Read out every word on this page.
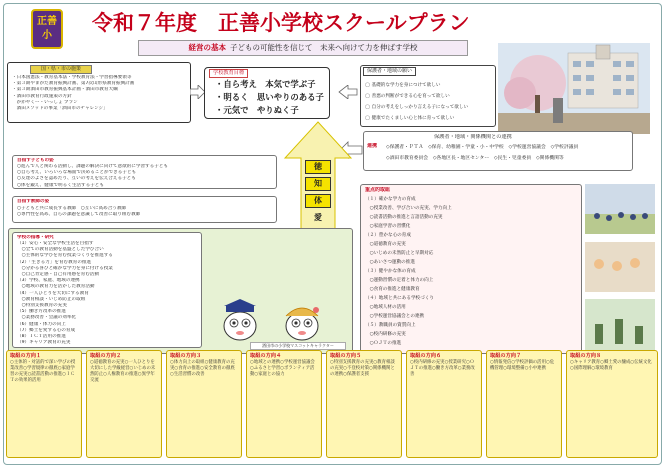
正善小
令和７年度　正善小学校スクールプラン
経営の基本 子どもの可能性を信じて　未来へ向けて力を伸ばす学校
国・県・市の施策
・日本国憲法・教育基本法・学校教育法・学習指導要領等
・第３期やまがた教育振興計画、第7次山形県教育振興計画
・第３期酒田市教育振興基本計画・酒田市教育大綱
・酒田市教育行政施策の方針
　かがやくー・いっしょ プラン
　酒田メソッドの事業「酒田市のチャレンジ」
学校教育目標
・自ら考え　本気で学ぶ子
・明るく　思いやりのある子
・元気で　やりぬく子
保護者・地域の願い
◯ 基礎的な学力を身につけて欲しい
◯ 善悪の判断ができる心を育って欲しい
◯ 自分の考えをしっかり言える子になって欲しい
◯ 健康でたくましい心と体に育って欲しい
保護者・地域・関係機関との連携
連携 ◇保護者・ＰＴＡ　◇保育、幼稚園・学童・小・中学校　◇学校運営協議会　◇学校評議員
◇酒田市教育委員会　◇各地区長・地区センター　◇民生・児童委員　◇関係機関等
目指す子どもの姿
○進んで人と関わる活動し、課題の解決に向けて意欲的に学習する子ども
○自ら考え、いろいろな場面で決めることができる子ども
○友達のよさを認めたり、互いの考えを伝え合える子ども
○体を鍛え、健康で明るく生活する子ども
目指す教師の姿
○子どもと共に成長する教師　○互いに高め合う教師
○専門性を高め、自らの課題を意識して改善に取り組む教師
徳
知
体
愛
学校の指導・研究
（1）安心・安全な学校生活を目指す
　○全ての教育活動を基盤とした学び合い
　○主体的な学びを育む授業づくりを推進する
（2）「生きる力」を育む教育の推進
　○分かる喜びと確かな学力を身に付ける授業
　○自己肯定感・自己有用感を育む活動
（3）学校、家庭、地域の連携
　○地域の教育力を活かした教育活動
（4）一人ひとりを大切にする教育
　○教育相談・いじめ防止の取組
　○特別支援教育の充実
（5）働き方改革の推進
　○業務改善・会議の効率化
（6）健康・体力の向上
（7）郷土を愛する心の育成
（8）ＩＣＴ活用の推進
（9）キャリア教育の充実
酒田市の小学校マスコットキャラクター
重点的取組
（１）確かな学力の育成
　○授業改善、学び合いの充実、学力向上
　○読書活動の推進と言語活動の充実
　○家庭学習の習慣化
（２）豊かな心の育成
　○道徳教育の充実
　○いじめの未然防止と早期対応
　○あいさつ運動の推進
（３）健やかな体の育成
　○運動習慣の定着と体力の向上
　○食育の推進と健康教育
（４）地域と共にある学校づくり
　○地域人材の活用
　○学校運営協議会との連携
（５）教職員の資質向上
　○校内研修の充実
　○ＯＪＴの推進
取組の方向１
○主体的・対話的で深い学びの授業改善○学習規律の徹底○家庭学習の充実○読書活動の推進○ＩＣＴの効果的活用
取組の方向２
○道徳教育の充実○一人ひとりを大切にした学級経営○いじめの未然防止○人権教育の推進○異学年交流
取組の方向３
○体力向上の取組○健康教育の充実○食育の推進○安全教育の徹底○生活習慣の改善
取組の方向４
○地域との連携○学校運営協議会○ふるさと学習○ボランティア活動○家庭との協力
取組の方向５
○特別支援教育の充実○教育相談の充実○不登校対策○関係機関との連携○保護者支援
取組の方向６
○校内研修の充実○授業研究○ＯＪＴの推進○働き方改革○業務改善
取組の方向７
○情報発信○学校評価の活用○危機管理○環境整備○小中連携
取組の方向８
○キャリア教育○郷土愛の醸成○伝統文化○国際理解○環境教育
